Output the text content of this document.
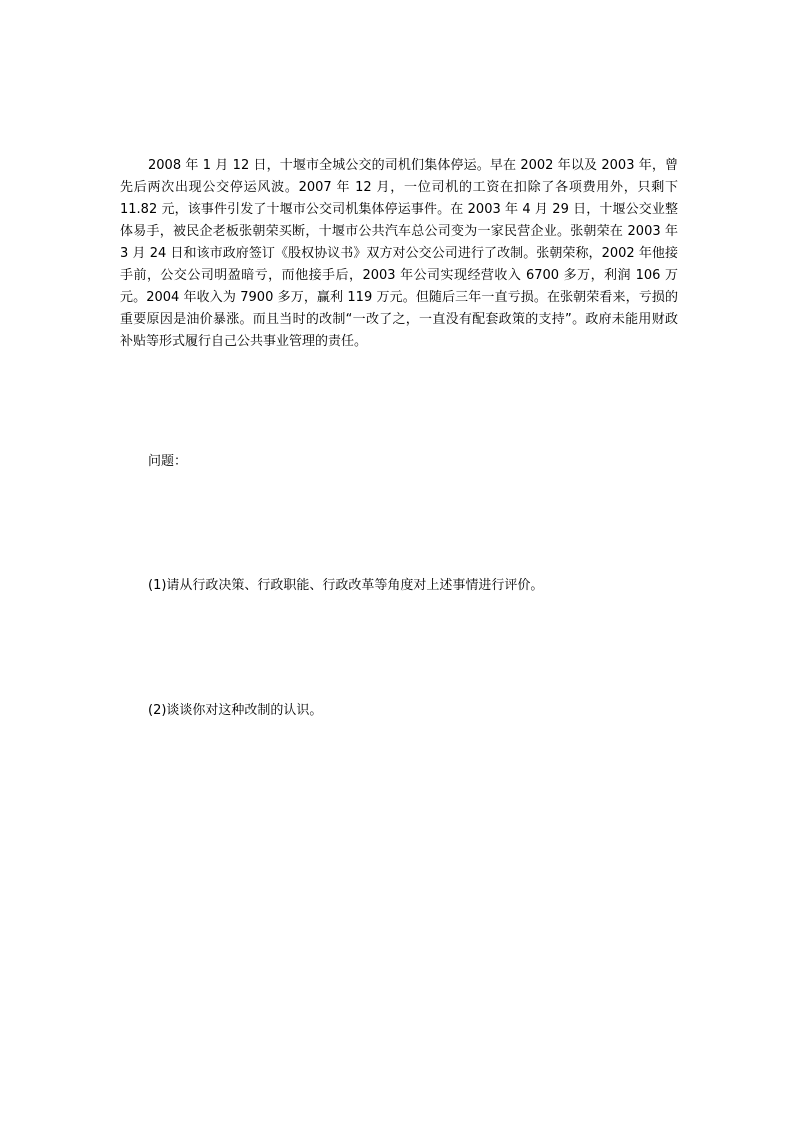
2008 年 1 月 12 日，十堰市全城公交的司机们集体停运。早在 2002 年以及 2003 年，曾先后两次出现公交停运风波。2007 年 12 月，一位司机的工资在扣除了各项费用外，只剩下 11.82 元，该事件引发了十堰市公交司机集体停运事件。在 2003 年 4 月 29 日，十堰公交业整体易手，被民企老板张朝荣买断，十堰市公共汽车总公司变为一家民营企业。张朝荣在 2003 年 3 月 24 日和该市政府签订《股权协议书》双方对公交公司进行了改制。张朝荣称，2002 年他接手前，公交公司明盈暗亏，而他接手后，2003 年公司实现经营收入 6700 多万，利润 106 万元。2004 年收入为 7900 多万，赢利 119 万元。但随后三年一直亏损。在张朝荣看来，亏损的重要原因是油价暴涨。而且当时的改制“一改了之，一直没有配套政策的支持”。政府未能用财政补贴等形式履行自己公共事业管理的责任。

问题：

(1)请从行政决策、行政职能、行政改革等角度对上述事情进行评价。

(2)谈谈你对这种改制的认识。
